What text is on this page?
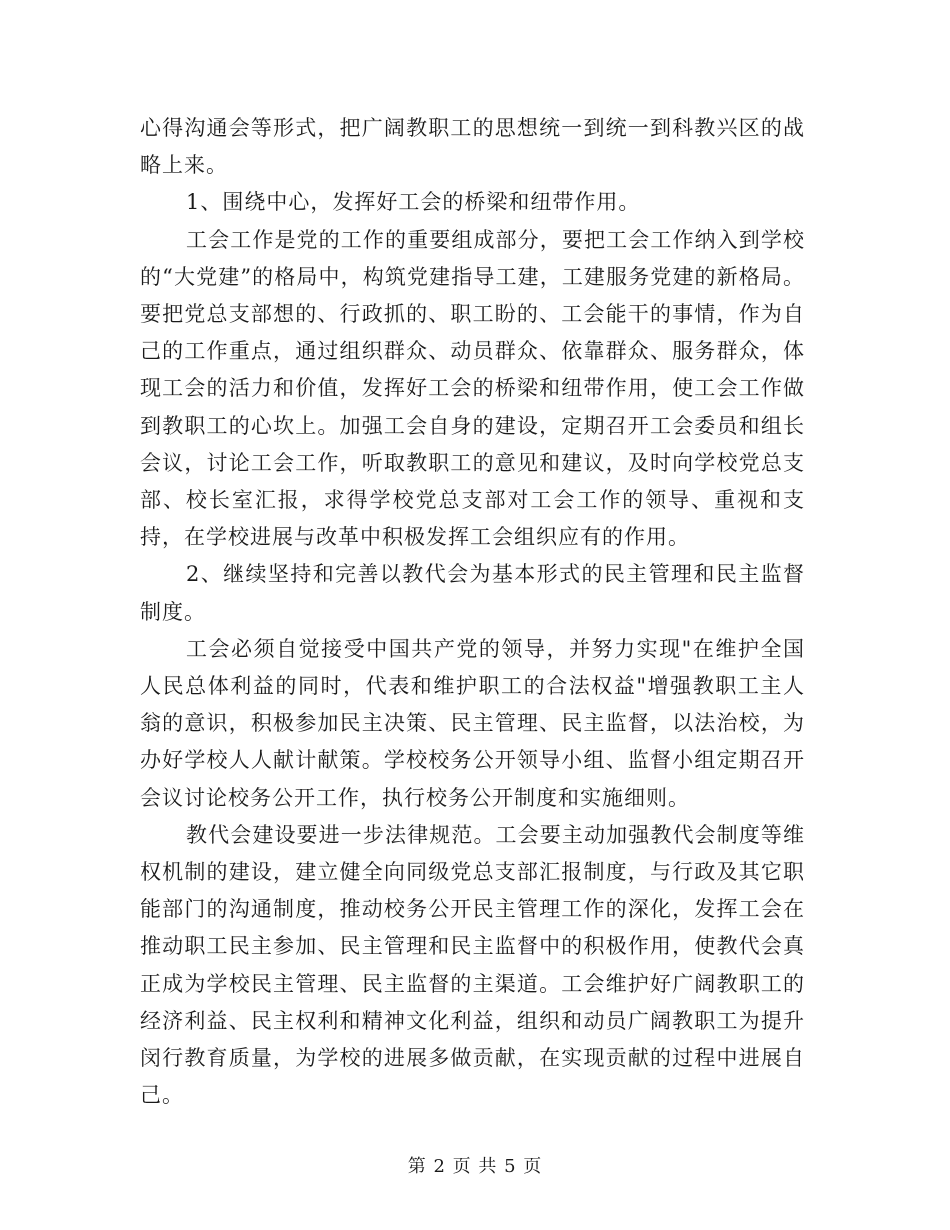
心得沟通会等形式，把广阔教职工的思想统一到统一到科教兴区的战略上来。

1、围绕中心，发挥好工会的桥梁和纽带作用。

工会工作是党的工作的重要组成部分，要把工会工作纳入到学校的“大党建”的格局中，构筑党建指导工建，工建服务党建的新格局。要把党总支部想的、行政抓的、职工盼的、工会能干的事情，作为自己的工作重点，通过组织群众、动员群众、依靠群众、服务群众，体现工会的活力和价值，发挥好工会的桥梁和纽带作用，使工会工作做到教职工的心坎上。加强工会自身的建设，定期召开工会委员和组长会议，讨论工会工作，听取教职工的意见和建议，及时向学校党总支部、校长室汇报，求得学校党总支部对工会工作的领导、重视和支持，在学校进展与改革中积极发挥工会组织应有的作用。

2、继续坚持和完善以教代会为基本形式的民主管理和民主监督制度。

工会必须自觉接受中国共产党的领导，并努力实现"在维护全国人民总体利益的同时，代表和维护职工的合法权益"增强教职工主人翁的意识，积极参加民主决策、民主管理、民主监督，以法治校，为办好学校人人献计献策。学校校务公开领导小组、监督小组定期召开会议讨论校务公开工作，执行校务公开制度和实施细则。

教代会建设要进一步法律规范。工会要主动加强教代会制度等维权机制的建设，建立健全向同级党总支部汇报制度，与行政及其它职能部门的沟通制度，推动校务公开民主管理工作的深化，发挥工会在推动职工民主参加、民主管理和民主监督中的积极作用，使教代会真正成为学校民主管理、民主监督的主渠道。工会维护好广阔教职工的经济利益、民主权利和精神文化利益，组织和动员广阔教职工为提升闵行教育质量，为学校的进展多做贡献，在实现贡献的过程中进展自己。

第 2 页 共 5 页
